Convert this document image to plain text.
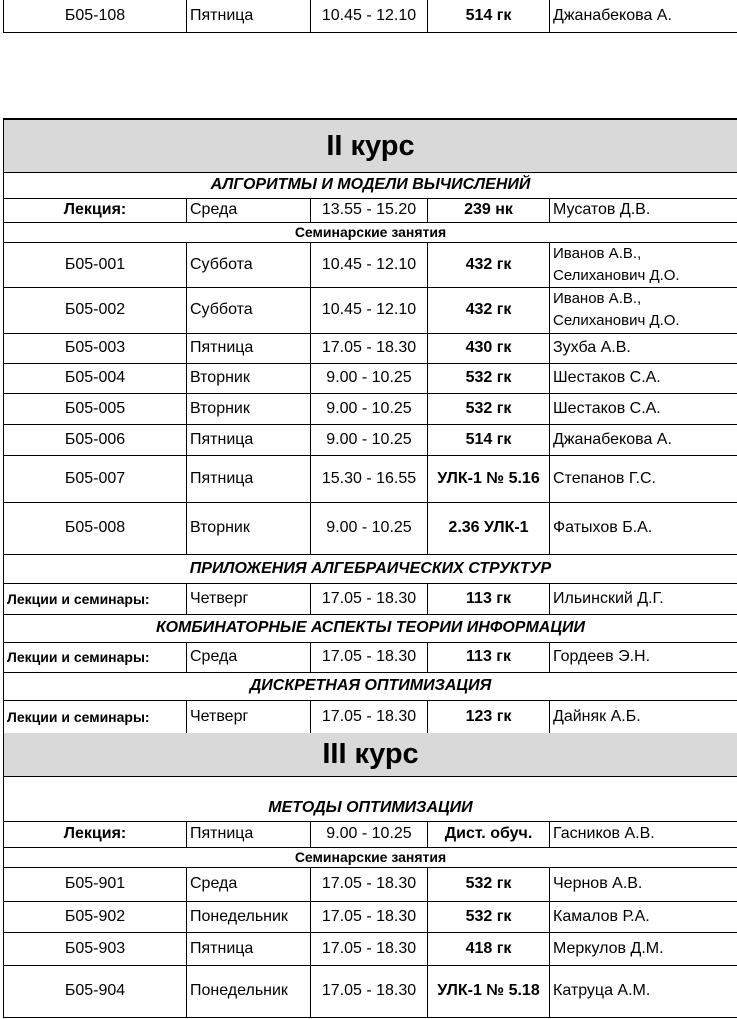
Б05-108	Пятница	10.45 - 12.10	514 гк	Джанабекова А.
II курс
АЛГОРИТМЫ И МОДЕЛИ ВЫЧИСЛЕНИЙ
Лекция:	Среда	13.55 - 15.20	239 нк	Мусатов Д.В.
Семинарские занятия
Б05-001	Суббота	10.45 - 12.10	432 гк
Иванов А.В.,
Селиханович Д.О.
Б05-002	Суббота	10.45 - 12.10	432 гк
Иванов А.В.,
Селиханович Д.О.
Б05-003	Пятница	17.05 - 18.30	430 гк	Зухба А.В.
Б05-004	Вторник	9.00 - 10.25	532 гк	Шестаков С.А.
Б05-005	Вторник	9.00 - 10.25	532 гк	Шестаков С.А.
Б05-006	Пятница	9.00 - 10.25	514 гк	Джанабекова А.
Б05-007	Пятница	15.30 - 16.55	УЛК-1 № 5.16 Степанов Г.С.
Б05-008	Вторник	9.00 - 10.25	2.36 УЛК-1	Фатыхов Б.А.
ПРИЛОЖЕНИЯ АЛГЕБРАИЧЕСКИХ СТРУКТУР
Лекции и семинары:	Четверг	17.05 - 18.30	113 гк	Ильинский Д.Г.
КОМБИНАТОРНЫЕ АСПЕКТЫ ТЕОРИИ ИНФОРМАЦИИ
Лекции и семинары:	Среда	17.05 - 18.30	113 гк	Гордеев Э.Н.
ДИСКРЕТНАЯ ОПТИМИЗАЦИЯ
Лекции и семинары:	Четверг	17.05 - 18.30	123 гк	Дайняк А.Б.
III курс
МЕТОДЫ ОПТИМИЗАЦИИ
Лекция:	Пятница	9.00 - 10.25	Дист. обуч.	Гасников А.В.
Семинарские занятия
Б05-901	Среда	17.05 - 18.30	532 гк	Чернов А.В.
Б05-902	Понедельник	17.05 - 18.30	532 гк	Камалов Р.А.
Б05-903	Пятница	17.05 - 18.30	418 гк	Меркулов Д.М.
Б05-904	Понедельник	17.05 - 18.30	УЛК-1 № 5.18 Катруца А.М.
